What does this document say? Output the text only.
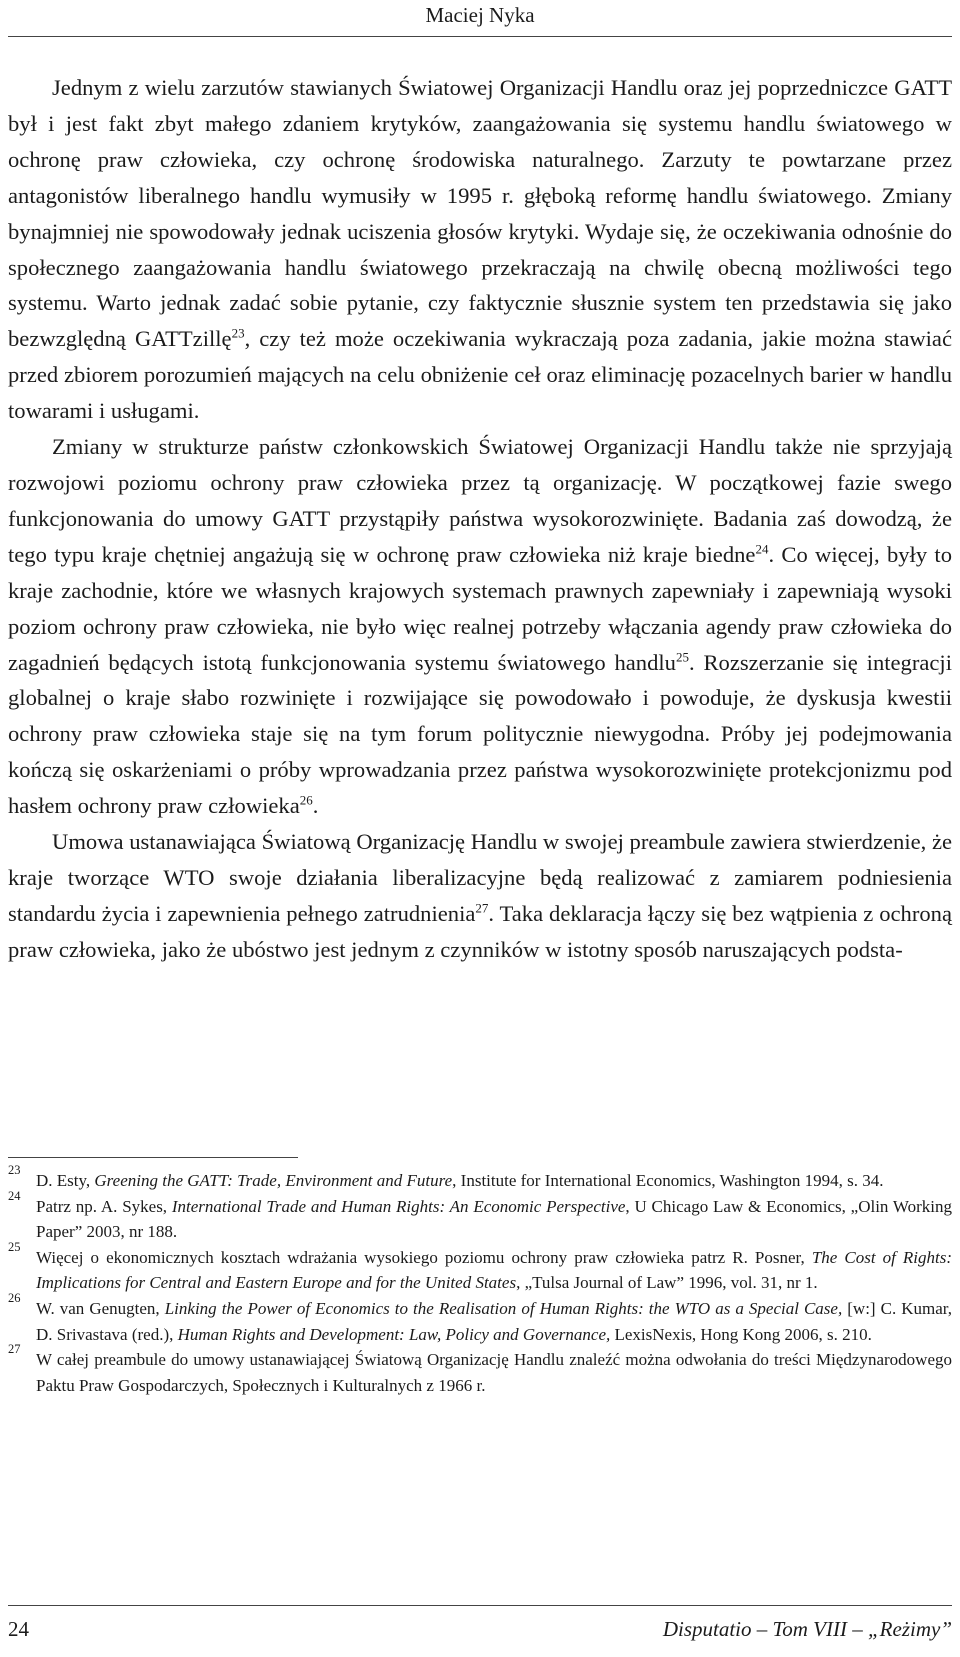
Maciej Nyka

Jednym z wielu zarzutów stawianych Światowej Organizacji Handlu oraz jej poprzedniczce GATT był i jest fakt zbyt małego zdaniem krytyków, zaangażowania się systemu handlu światowego w ochronę praw człowieka, czy ochronę środowiska naturalnego. Zarzuty te powtarzane przez antagonistów liberalnego handlu wymusiły w 1995 r. głęboką reformę handlu światowego. Zmiany bynajmniej nie spowodowały jednak uciszenia głosów krytyki. Wydaje się, że oczekiwania odnośnie do społecznego zaangażowania handlu światowego przekraczają na chwilę obecną możliwości tego systemu. Warto jednak zadać sobie pytanie, czy faktycznie słusznie system ten przedstawia się jako bezwzględną GATTzillę$^{23}$, czy też może oczekiwania wykraczają poza zadania, jakie można stawiać przed zbiorem porozumień mających na celu obniżenie ceł oraz eliminację pozacelnych barier w handlu towarami i usługami.

Zmiany w strukturze państw członkowskich Światowej Organizacji Handlu także nie sprzyjają rozwojowi poziomu ochrony praw człowieka przez tą organizację. W początkowej fazie swego funkcjonowania do umowy GATT przystąpiły państwa wysokorozwinięte. Badania zaś dowodzą, że tego typu kraje chętniej angażują się w ochronę praw człowieka niż kraje biedne$^{24}$. Co więcej, były to kraje zachodnie, które we własnych krajowych systemach prawnych zapewniały i zapewniają wysoki poziom ochrony praw człowieka, nie było więc realnej potrzeby włączania agendy praw człowieka do zagadnień będących istotą funkcjonowania systemu światowego handlu$^{25}$. Rozszerzanie się integracji globalnej o kraje słabo rozwinięte i rozwijające się powodowało i powoduje, że dyskusja kwestii ochrony praw człowieka staje się na tym forum politycznie niewygodna. Próby jej podejmowania kończą się oskarżeniami o próby wprowadzania przez państwa wysokorozwinięte protekcjonizmu pod hasłem ochrony praw człowieka$^{26}$.

Umowa ustanawiająca Światową Organizację Handlu w swojej preambule zawiera stwierdzenie, że kraje tworzące WTO swoje działania liberalizacyjne będą realizować z zamiarem podniesienia standardu życia i zapewnienia pełnego zatrudnienia$^{27}$. Taka deklaracja łączy się bez wątpienia z ochroną praw człowieka, jako że ubóstwo jest jednym z czynników w istotny sposób naruszających podsta-

23
D. Esty, Greening the GATT: Trade, Environment and Future, Institute for International Economics, Washington 1994, s. 34.
24
Patrz np. A. Sykes, International Trade and Human Rights: An Economic Perspective, U Chicago Law & Economics, „Olin Working Paper” 2003, nr 188.
25
Więcej o ekonomicznych kosztach wdrażania wysokiego poziomu ochrony praw człowieka patrz R. Posner, The Cost of Rights: Implications for Central and Eastern Europe and for the United States, „Tulsa Journal of Law” 1996, vol. 31, nr 1.
26
W. van Genugten, Linking the Power of Economics to the Realisation of Human Rights: the WTO as a Special Case, [w:] C. Kumar, D. Srivastava (red.), Human Rights and Development: Law, Policy and Governance, LexisNexis, Hong Kong 2006, s. 210.
27
W całej preambule do umowy ustanawiającej Światową Organizację Handlu znaleźć można odwołania do treści Międzynarodowego Paktu Praw Gospodarczych, Społecznych i Kulturalnych z 1966 r.
24	Disputatio – Tom VIII – „Reżimy”
